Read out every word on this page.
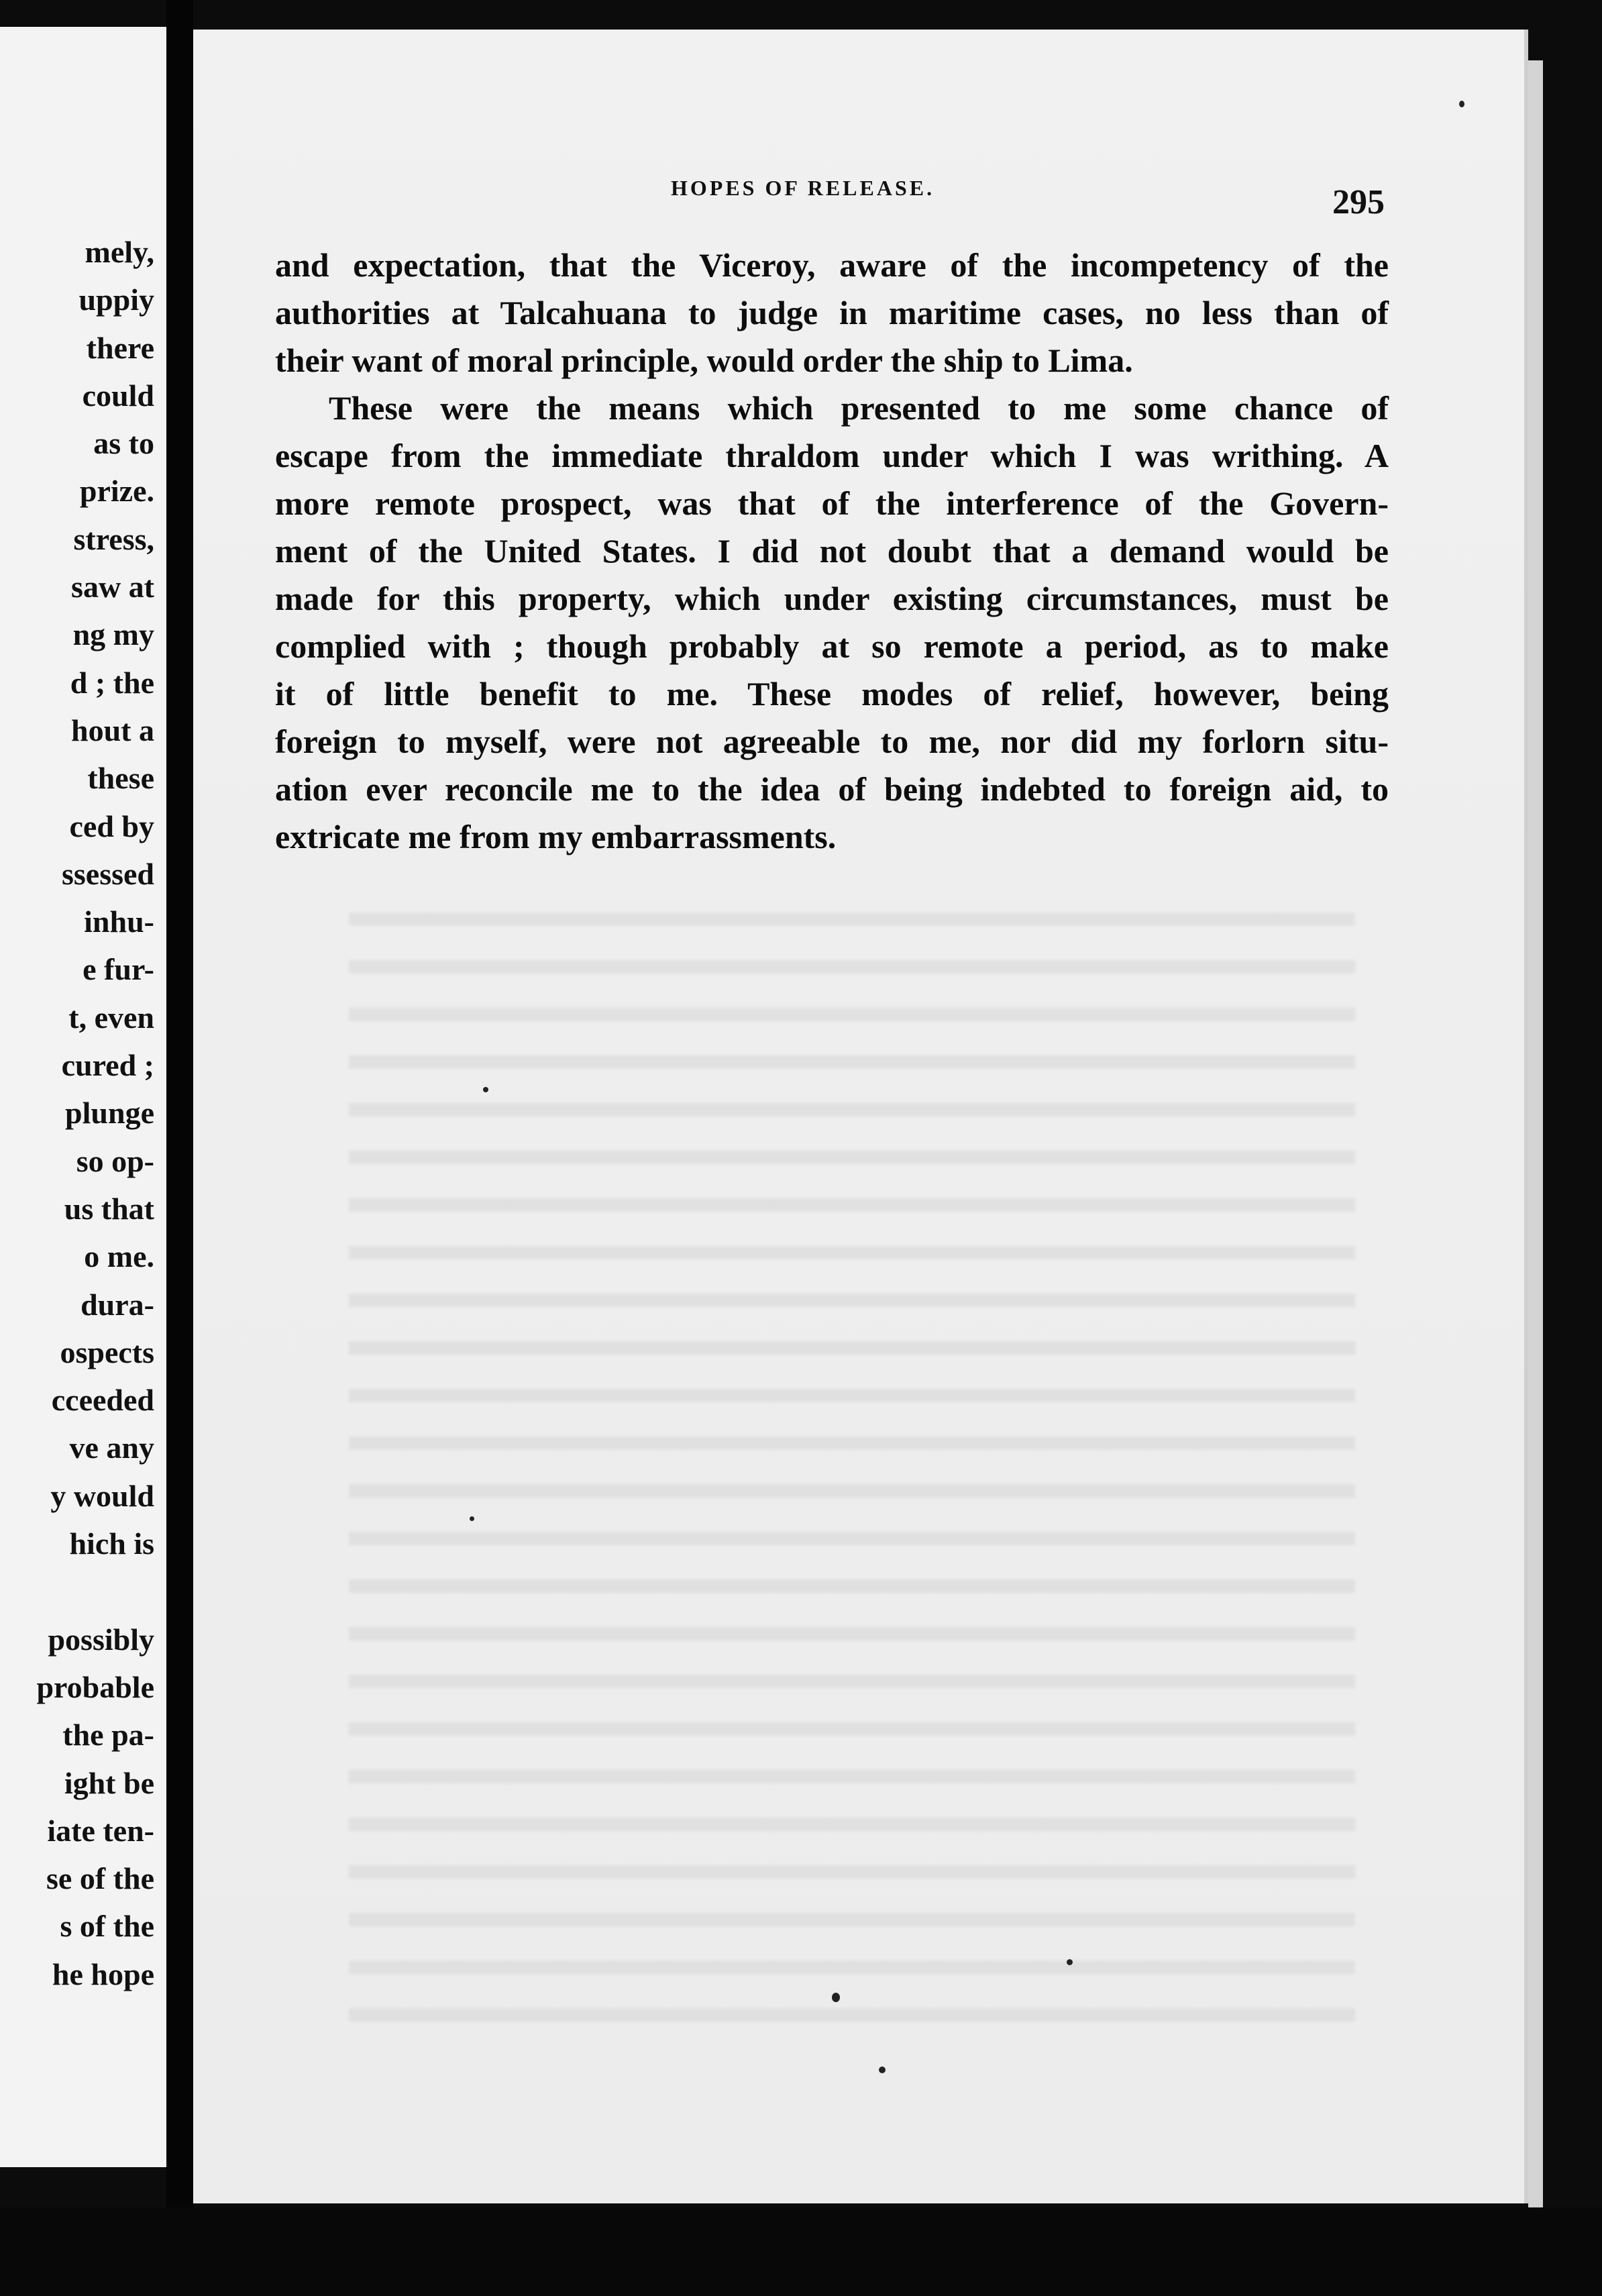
mely,
uppiy
there
could
as to
prize.
stress,
saw at
ng my
d ; the
hout a
these
ced by
ssessed
inhu-
e fur-
t, even
cured ;
plunge
so op-
us that
o me.
dura-
ospects
cceeded
ve any
y would
hich is
possibly
probable
the pa-
ight be
iate ten-
se of the
s of the
he hope
HOPES OF RELEASE.	295
and expectation, that the Viceroy, aware of the incompetency of the
authorities at Talcahuana to judge in maritime cases, no less than of
their want of moral principle, would order the ship to Lima.
These were the means which presented to me some chance of
escape from the immediate thraldom under which I was writhing. A
more remote prospect, was that of the interference of the Govern-
ment of the United States. I did not doubt that a demand would be
made for this property, which under existing circumstances, must be
complied with ; though probably at so remote a period, as to make
it of little benefit to me. These modes of relief, however, being
foreign to myself, were not agreeable to me, nor did my forlorn situ-
ation ever reconcile me to the idea of being indebted to foreign aid, to
extricate me from my embarrassments.
